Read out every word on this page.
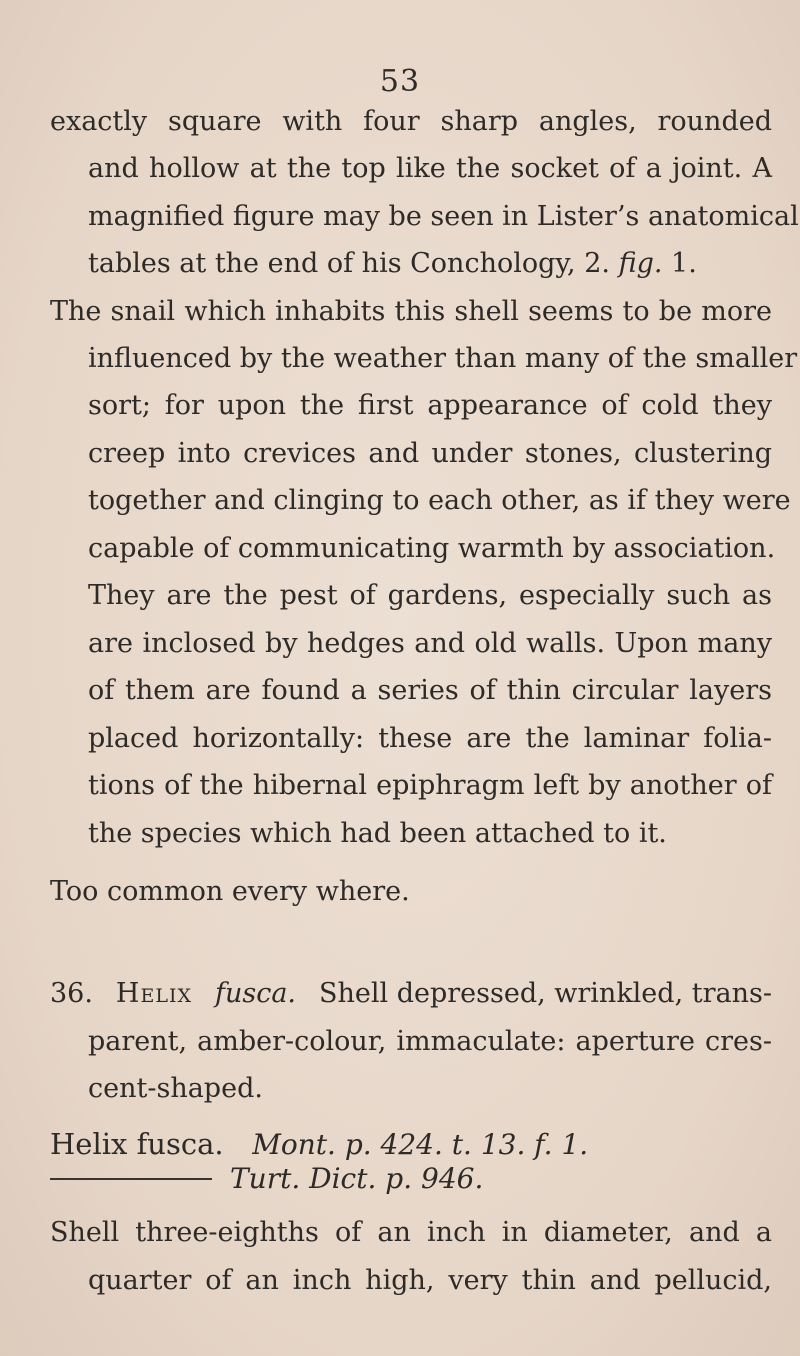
53
exactly square with four sharp angles, rounded
and hollow at the top like the socket of a joint. A
magnified figure may be seen in Lister’s anatomical
tables at the end of his Conchology, 2. fig. 1.
The snail which inhabits this shell seems to be more
influenced by the weather than many of the smaller
sort; for upon the first appearance of cold they
creep into crevices and under stones, clustering
together and clinging to each other, as if they were
capable of communicating warmth by association.
They are the pest of gardens, especially such as
are inclosed by hedges and old walls. Upon many
of them are found a series of thin circular layers
placed horizontally: these are the laminar folia-
tions of the hibernal epiphragm left by another of
the species which had been attached to it.
Too common every where.
36. Helix fusca. Shell depressed, wrinkled, trans-
parent, amber-colour, immaculate: aperture cres-
cent-shaped.
Helix fusca. Mont. p. 424. t. 13. f. 1.
Turt. Dict. p. 946.
Shell three-eighths of an inch in diameter, and a
quarter of an inch high, very thin and pellucid,
